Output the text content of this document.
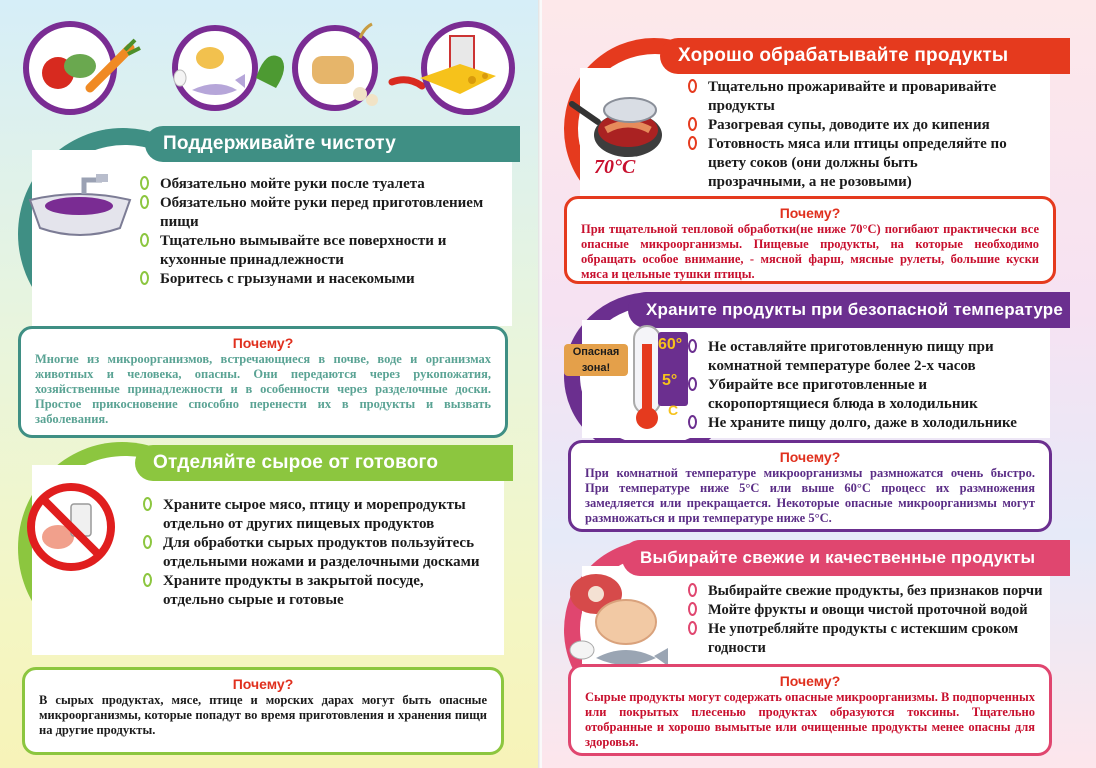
Поддерживайте чистоту
Обязательно мойте руки после туалета
Обязательно мойте руки перед приготовлением пищи
Тщательно вымывайте все поверхности и кухонные принадлежности
Боритесь с грызунами и насекомыми
Почему?
Многие из микроорганизмов, встречающиеся в почве, воде и организмах животных и человека, опасны. Они передаются через рукопожатия, хозяйственные принадлежности и в особенности через разделочные доски. Простое прикосновение способно перенести их в продукты и вызвать заболевания.
Отделяйте сырое от готового
Храните сырое мясо, птицу и морепродукты отдельно от других пищевых продуктов
Для обработки сырых продуктов пользуйтесь отдельными ножами и разделочными досками
Храните продукты в закрытой посуде, отдельно сырые и готовые
Почему?
В сырых продуктах, мясе, птице и морских дарах могут быть опасные микроорганизмы, которые попадут во время приготовления и хранения пищи на другие продукты.
Хорошо обрабатывайте продукты
70°C
Тщательно прожаривайте и проваривайте продукты
Разогревая супы, доводите их до кипения
Готовность мяса или птицы определяйте по цвету соков (они должны быть прозрачными, а не розовыми)
Почему?
При тщательной тепловой обработки(не ниже 70°C) погибают практически все опасные микроорганизмы. Пищевые продукты, на которые необходимо обращать особое внимание, - мясной фарш, мясные рулеты, большие куски мяса и цельные тушки птицы.
Храните продукты при безопасной температуре
Опасная зона!
60°
5°
C
Не оставляйте приготовленную пищу при комнатной температуре более 2-х часов
Убирайте все приготовленные и скоропортящиеся блюда в холодильник
Не храните пищу долго, даже в холодильнике
Почему?
При комнатной температуре микроорганизмы размножатся очень быстро. При температуре ниже 5°C или выше 60°C процесс их размножения замедляется или прекращается. Некоторые опасные микроорганизмы могут размножаться и при температуре ниже 5°C.
Выбирайте свежие и качественные продукты
Выбирайте свежие продукты, без признаков порчи
Мойте фрукты и овощи чистой проточной водой
Не употребляйте продукты с истекшим сроком годности
Почему?
Сырые продукты могут содержать опасные микроорганизмы. В подпорченных или покрытых плесенью продуктах образуются токсины. Тщательно отобранные и хорошо вымытые или очищенные продукты менее опасны для здоровья.
